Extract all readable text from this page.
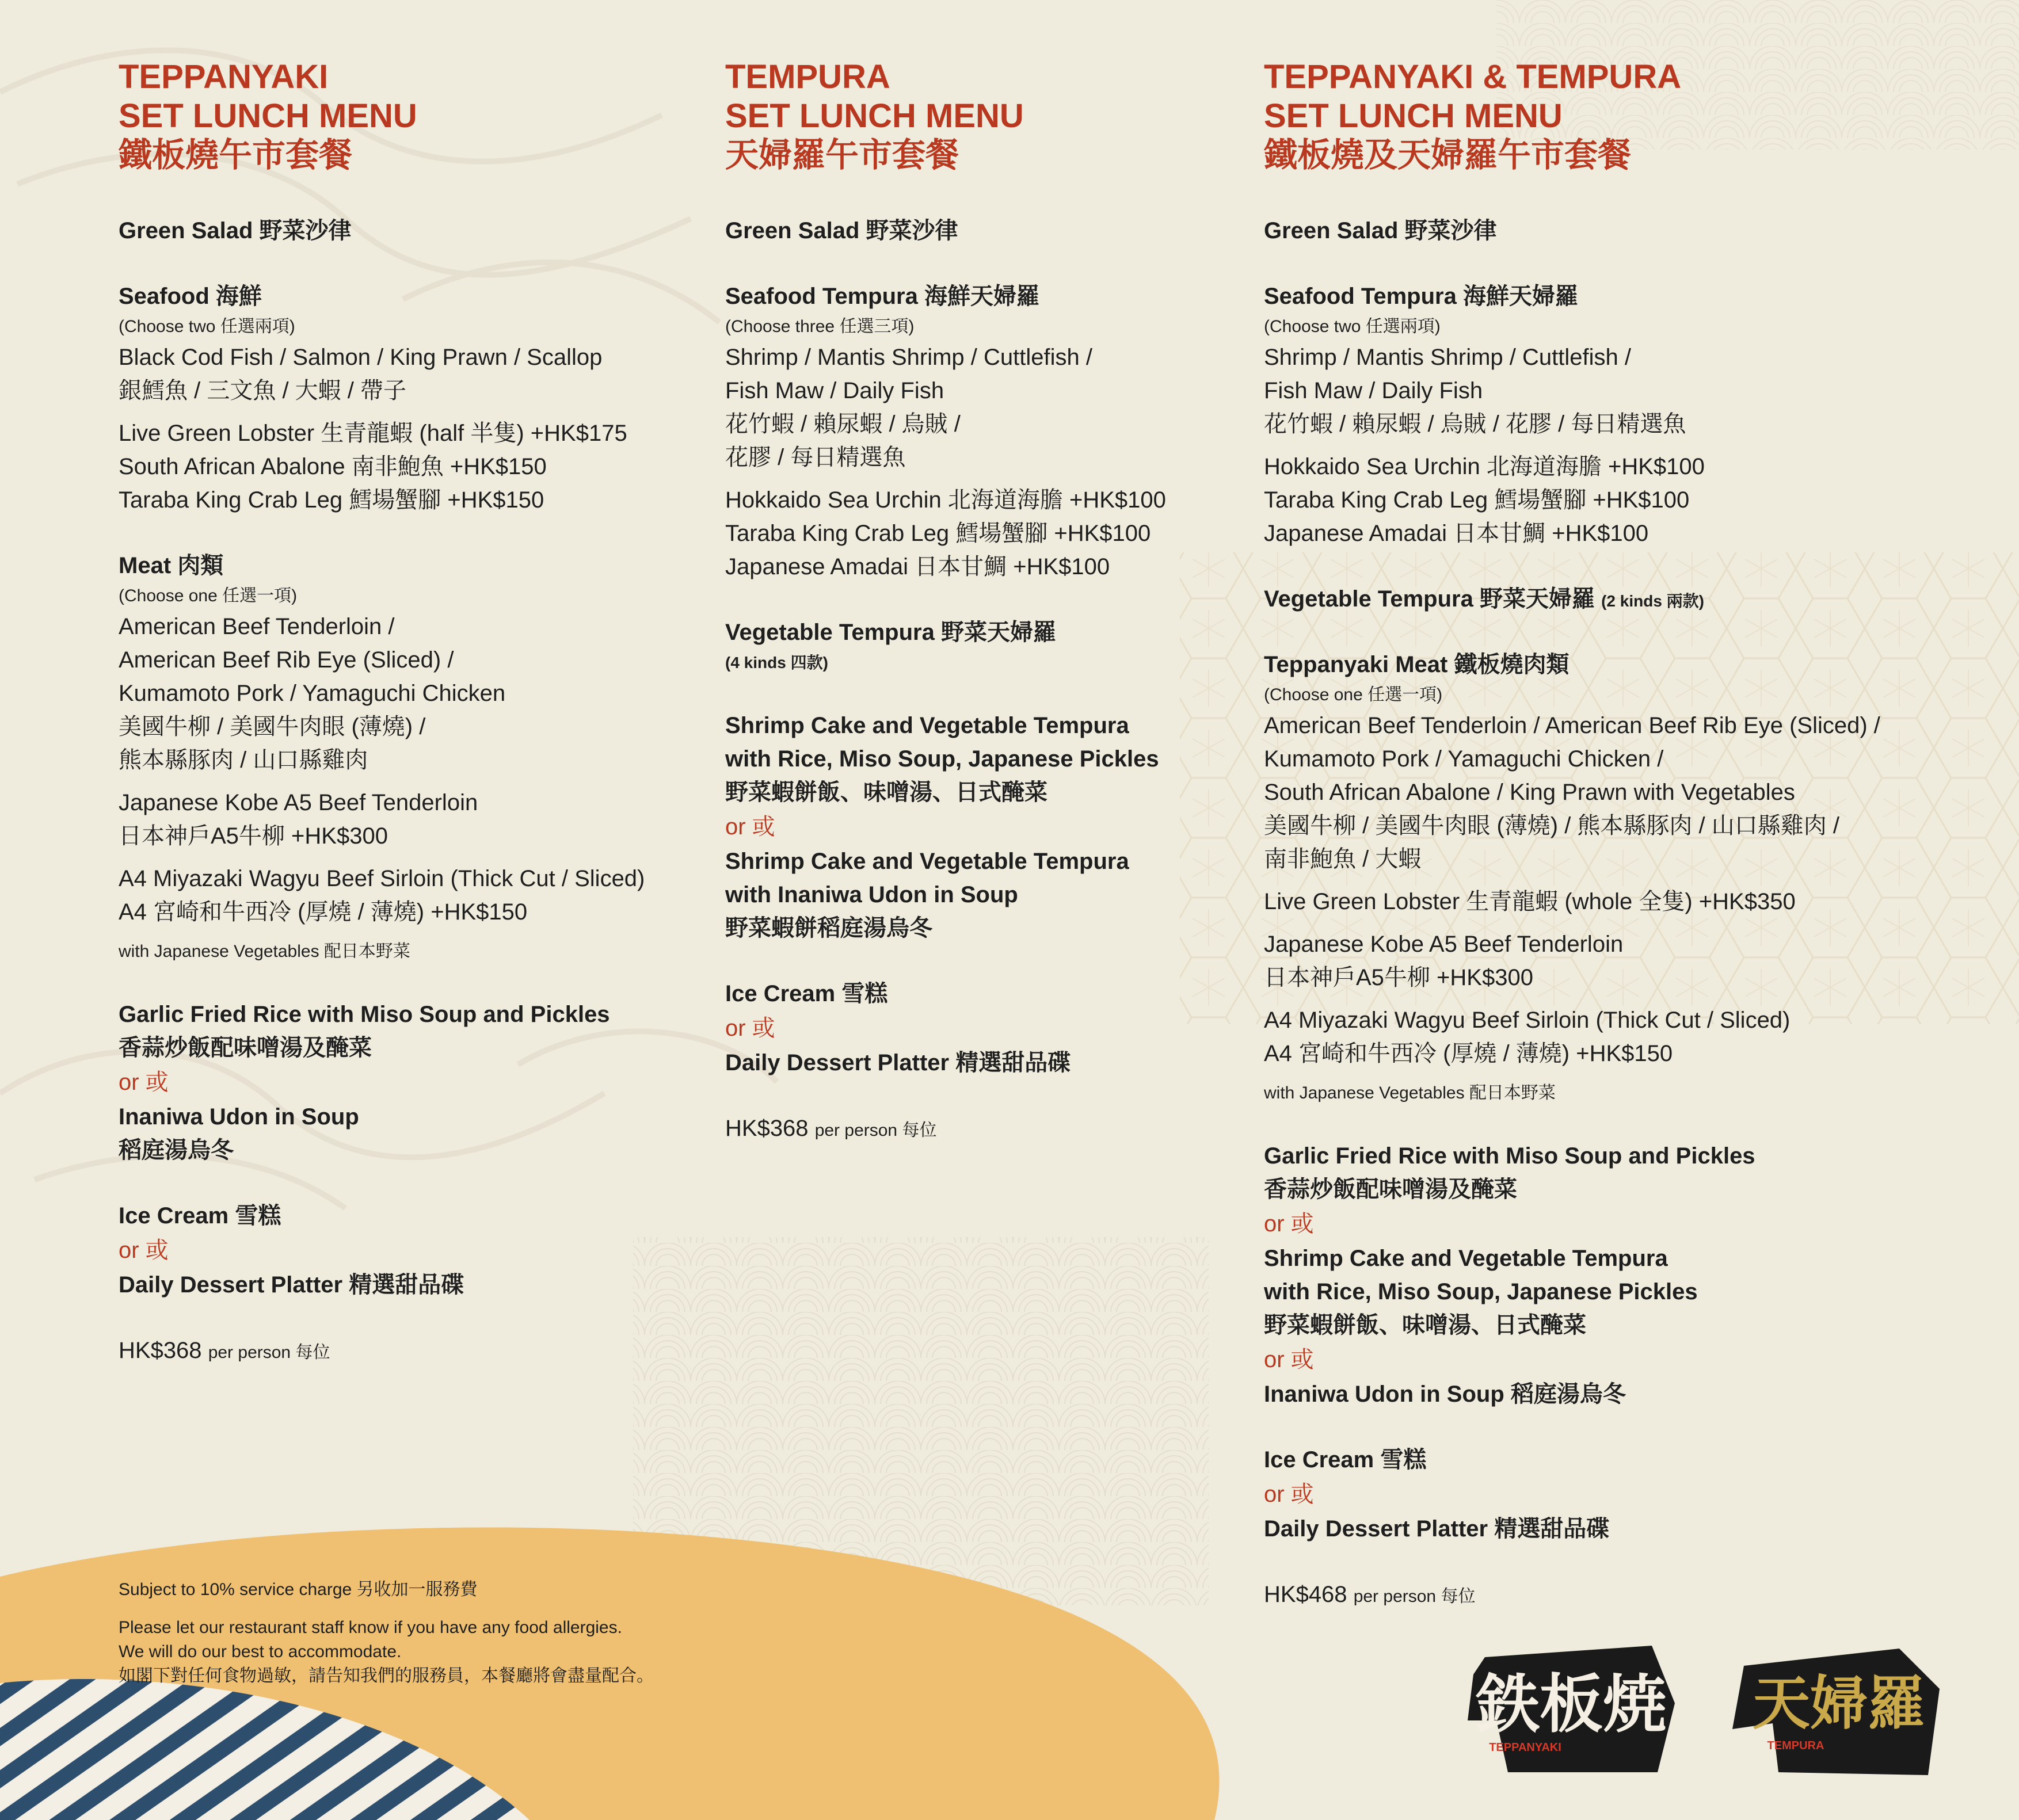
TEPPANYAKI
SET LUNCH MENU
鐵板燒午市套餐
Green Salad 野菜沙律
Seafood 海鮮
(Choose two 任選兩項)
Black Cod Fish / Salmon / King Prawn / Scallop
銀鱈魚 / 三文魚 / 大蝦 / 帶子
Live Green Lobster 生青龍蝦 (half 半隻) +HK$175
South African Abalone 南非鮑魚 +HK$150
Taraba King Crab Leg 鱈場蟹腳 +HK$150
Meat 肉類
(Choose one 任選一項)
American Beef Tenderloin /
American Beef Rib Eye (Sliced) /
Kumamoto Pork / Yamaguchi Chicken
美國牛柳 / 美國牛肉眼 (薄燒) /
熊本縣豚肉 / 山口縣雞肉
Japanese Kobe A5 Beef Tenderloin
日本神戶A5牛柳 +HK$300
A4 Miyazaki Wagyu Beef Sirloin (Thick Cut / Sliced)
A4 宮崎和牛西冷 (厚燒 / 薄燒) +HK$150
with Japanese Vegetables 配日本野菜
Garlic Fried Rice with Miso Soup and Pickles
香蒜炒飯配味噌湯及醃菜
or 或
Inaniwa Udon in Soup
稻庭湯烏冬
Ice Cream 雪糕
or 或
Daily Dessert Platter 精選甜品碟
HK$368 per person 每位
TEMPURA
SET LUNCH MENU
天婦羅午市套餐
Green Salad 野菜沙律
Seafood Tempura 海鮮天婦羅
(Choose three 任選三項)
Shrimp / Mantis Shrimp / Cuttlefish /
Fish Maw / Daily Fish
花竹蝦 / 賴尿蝦 / 烏賊 /
花膠 / 每日精選魚
Hokkaido Sea Urchin 北海道海膽 +HK$100
Taraba King Crab Leg 鱈場蟹腳 +HK$100
Japanese Amadai 日本甘鯛 +HK$100
Vegetable Tempura 野菜天婦羅
(4 kinds 四款)
Shrimp Cake and Vegetable Tempura
with Rice, Miso Soup, Japanese Pickles
野菜蝦餅飯、味噌湯、日式醃菜
or 或
Shrimp Cake and Vegetable Tempura
with Inaniwa Udon in Soup
野菜蝦餅稻庭湯烏冬
Ice Cream 雪糕
or 或
Daily Dessert Platter 精選甜品碟
HK$368 per person 每位
TEPPANYAKI & TEMPURA
SET LUNCH MENU
鐵板燒及天婦羅午市套餐
Green Salad 野菜沙律
Seafood Tempura 海鮮天婦羅
(Choose two 任選兩項)
Shrimp / Mantis Shrimp / Cuttlefish /
Fish Maw / Daily Fish
花竹蝦 / 賴尿蝦 / 烏賊 / 花膠 / 每日精選魚
Hokkaido Sea Urchin 北海道海膽 +HK$100
Taraba King Crab Leg 鱈場蟹腳 +HK$100
Japanese Amadai 日本甘鯛 +HK$100
Vegetable Tempura 野菜天婦羅 (2 kinds 兩款)
Teppanyaki Meat 鐵板燒肉類
(Choose one 任選一項)
American Beef Tenderloin / American Beef Rib Eye (Sliced) /
Kumamoto Pork / Yamaguchi Chicken /
South African Abalone / King Prawn with Vegetables
美國牛柳 / 美國牛肉眼 (薄燒) / 熊本縣豚肉 / 山口縣雞肉 /
南非鮑魚 / 大蝦
Live Green Lobster 生青龍蝦 (whole 全隻) +HK$350
Japanese Kobe A5 Beef Tenderloin
日本神戶A5牛柳 +HK$300
A4 Miyazaki Wagyu Beef Sirloin (Thick Cut / Sliced)
A4 宮崎和牛西冷 (厚燒 / 薄燒) +HK$150
with Japanese Vegetables 配日本野菜
Garlic Fried Rice with Miso Soup and Pickles
香蒜炒飯配味噌湯及醃菜
or 或
Shrimp Cake and Vegetable Tempura
with Rice, Miso Soup, Japanese Pickles
野菜蝦餅飯、味噌湯、日式醃菜
or 或
Inaniwa Udon in Soup 稻庭湯烏冬
Ice Cream 雪糕
or 或
Daily Dessert Platter 精選甜品碟
HK$468 per person 每位
Subject to 10% service charge 另收加一服務費
Please let our restaurant staff know if you have any food allergies.
We will do our best to accommodate.
如閣下對任何食物過敏，請告知我們的服務員，本餐廳將會盡量配合。	鉄板焼
TEPPANYAKI
天婦羅
TEMPURA
